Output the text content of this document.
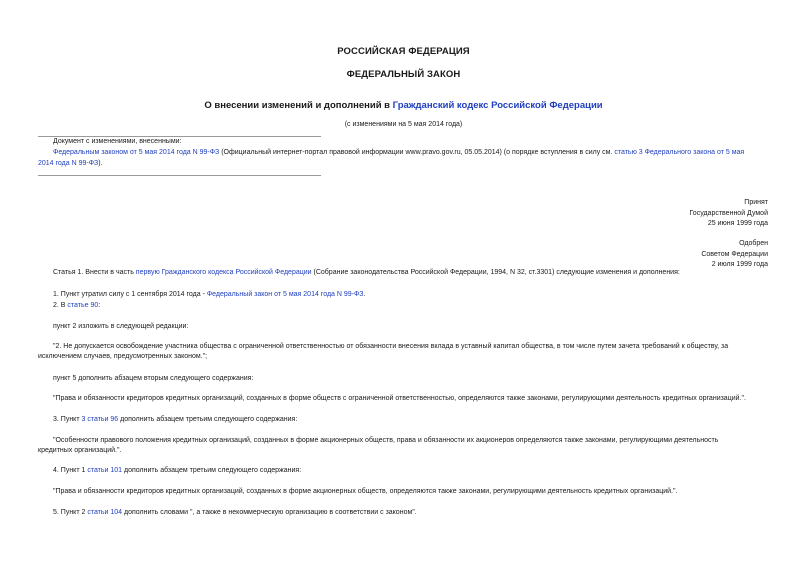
РОССИЙСКАЯ ФЕДЕРАЦИЯ
ФЕДЕРАЛЬНЫЙ ЗАКОН
О внесении изменений и дополнений в Гражданский кодекс Российской Федерации
(с изменениями на 5 мая 2014 года)
Документ с изменениями, внесенными:
Федеральным законом от 5 мая 2014 года N 99-ФЗ (Официальный интернет-портал правовой информации www.pravo.gov.ru, 05.05.2014) (о порядке вступления в силу см. статью 3 Федерального закона от 5 мая
2014 года N 99-ФЗ).
Принят
Государственной Думой
25 июня 1999 года
Одобрен
Советом Федерации
2 июля 1999 года
Статья 1. Внести в часть первую Гражданского кодекса Российской Федерации (Собрание законодательства Российской Федерации, 1994, N 32, ст.3301) следующие изменения и дополнения:
1. Пункт утратил силу с 1 сентября 2014 года - Федеральный закон от 5 мая 2014 года N 99-ФЗ.
2. В статье 90:
пункт 2 изложить в следующей редакции:
"2. Не допускается освобождение участника общества с ограниченной ответственностью от обязанности внесения вклада в уставный капитал общества, в том числе путем зачета требований к обществу, за
исключением случаев, предусмотренных законом.";
пункт 5 дополнить абзацем вторым следующего содержания:
"Права и обязанности кредиторов кредитных организаций, созданных в форме обществ с ограниченной ответственностью, определяются также законами, регулирующими деятельность кредитных организаций.".
3. Пункт 3 статьи 96 дополнить абзацем третьим следующего содержания:
"Особенности правового положения кредитных организаций, созданных в форме акционерных обществ, права и обязанности их акционеров определяются также законами, регулирующими деятельность
кредитных организаций.".
4. Пункт 1 статьи 101 дополнить абзацем третьим следующего содержания:
"Права и обязанности кредиторов кредитных организаций, созданных в форме акционерных обществ, определяются также законами, регулирующими деятельность кредитных организаций.".
5. Пункт 2 статьи 104 дополнить словами ", а также в некоммерческую организацию в соответствии с законом".
